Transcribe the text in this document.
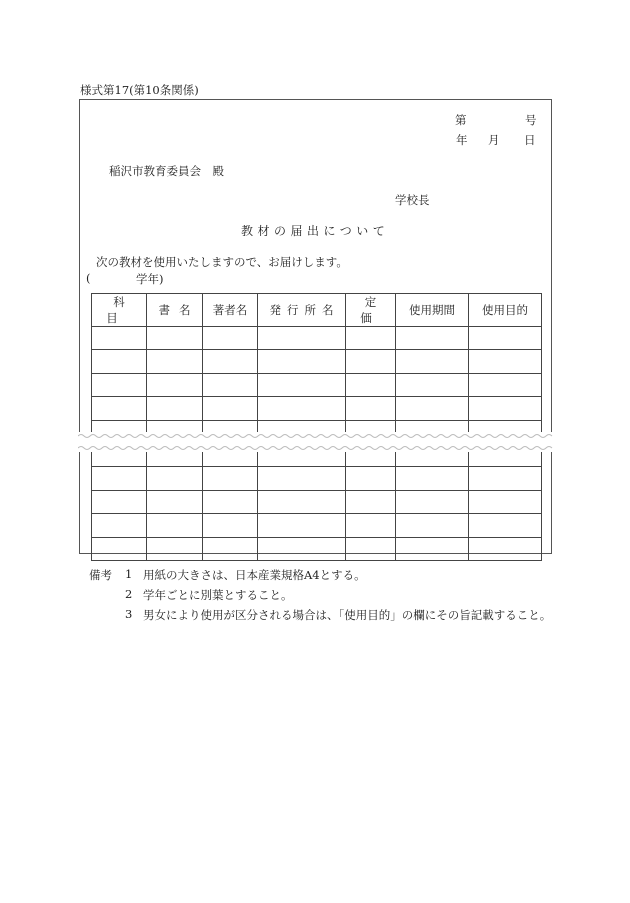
様式第17(第10条関係)
第	号
年 月 日
稲沢市教育委員会　殿
学校長
教材の届出について
次の教材を使用いたしますので、お届けします。
(	学年)
科目	書名	著者名	発行所名	定価	使用期間	使用目的

備考 1 用紙の大きさは、日本産業規格A4とする。
2 学年ごとに別葉とすること。
3 男女により使用が区分される場合は、「使用目的」の欄にその旨記載すること。
